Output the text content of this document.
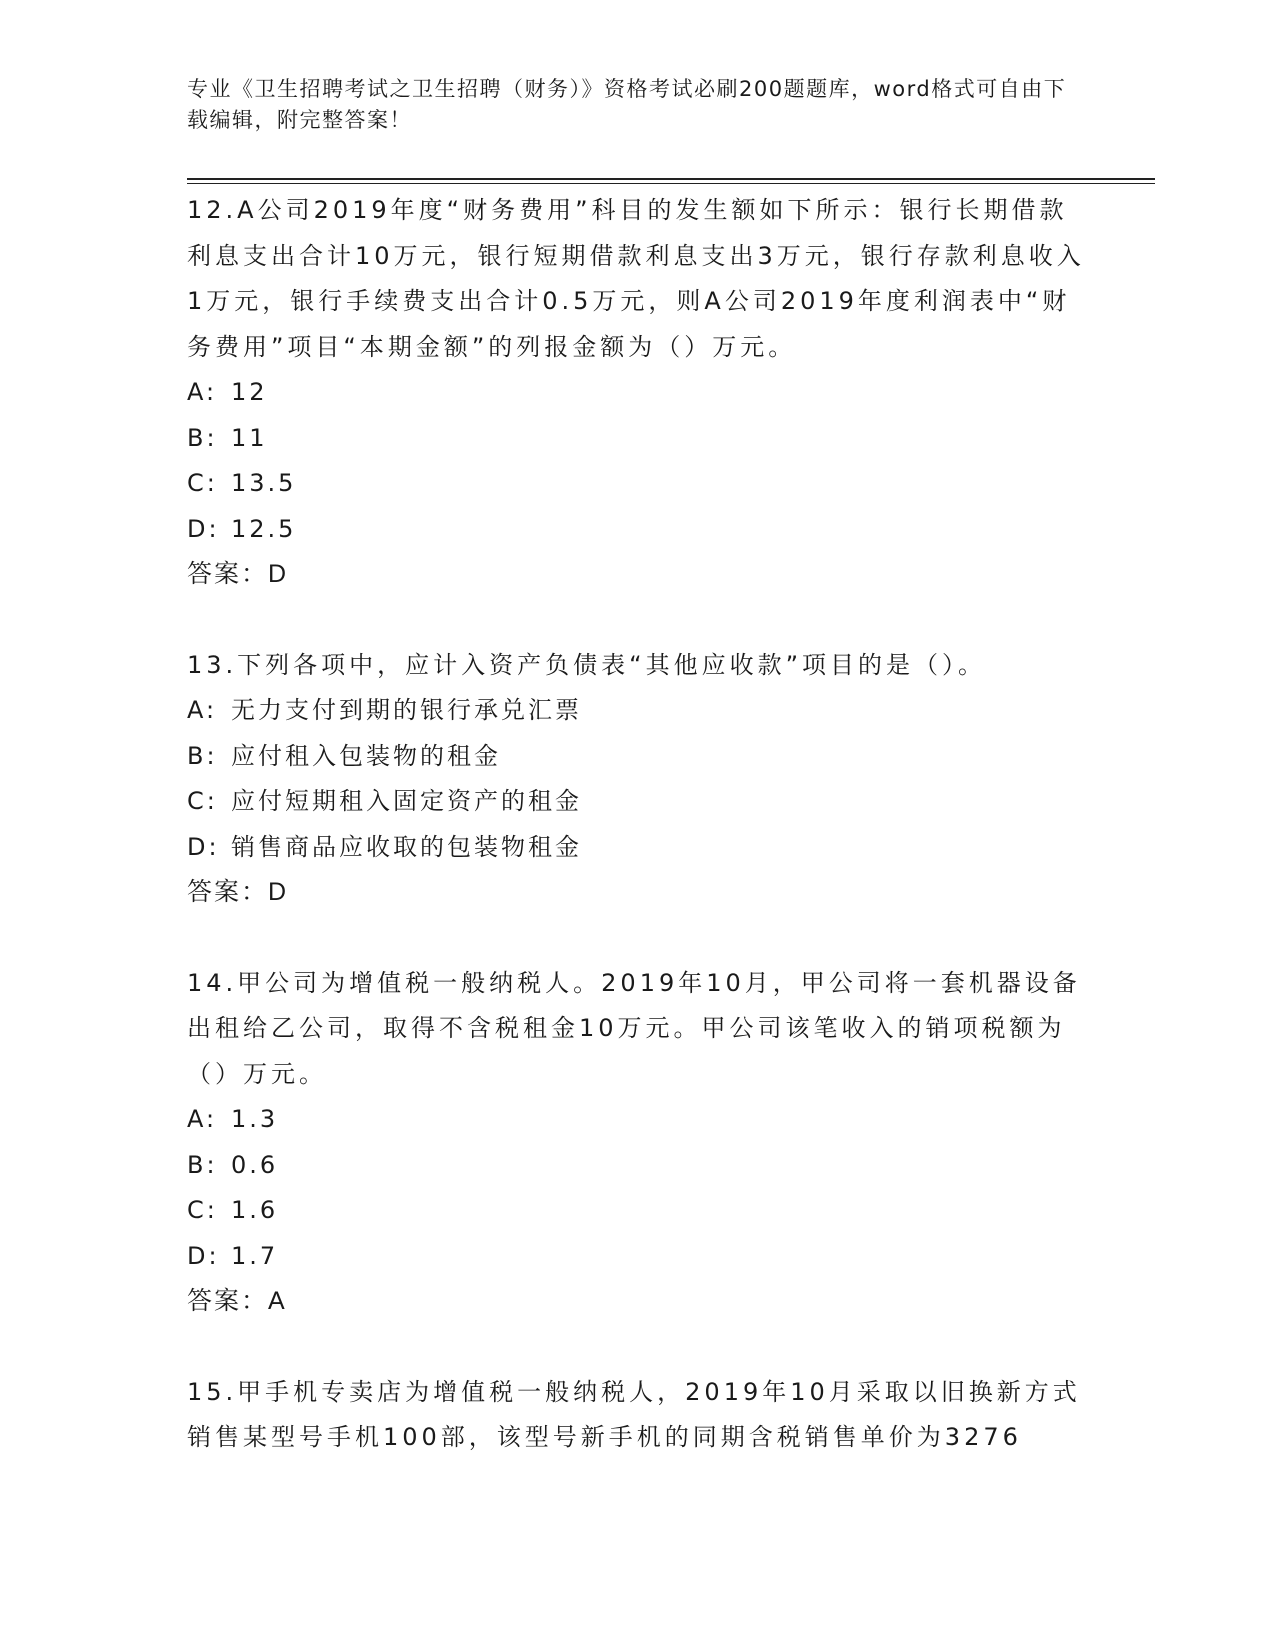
专业《卫生招聘考试之卫生招聘（财务）》资格考试必刷200题题库，word格式可自由下载编辑，附完整答案！

12.A公司2019年度“财务费用”科目的发生额如下所示：银行长期借款利息支出合计10万元，银行短期借款利息支出3万元，银行存款利息收入1万元，银行手续费支出合计0.5万元，则A公司2019年度利润表中“财务费用”项目“本期金额”的列报金额为（）万元。

A: 12

B: 11

C: 13.5

D: 12.5

答案：D

13.下列各项中，应计入资产负债表“其他应收款”项目的是（）。

A: 无力支付到期的银行承兑汇票

B: 应付租入包装物的租金

C: 应付短期租入固定资产的租金

D: 销售商品应收取的包装物租金

答案：D

14.甲公司为增值税一般纳税人。2019年10月，甲公司将一套机器设备出租给乙公司，取得不含税租金10万元。甲公司该笔收入的销项税额为（）万元。

A: 1.3

B: 0.6

C: 1.6

D: 1.7

答案：A

15.甲手机专卖店为增值税一般纳税人，2019年10月采取以旧换新方式销售某型号手机100部，该型号新手机的同期含税销售单价为3276
